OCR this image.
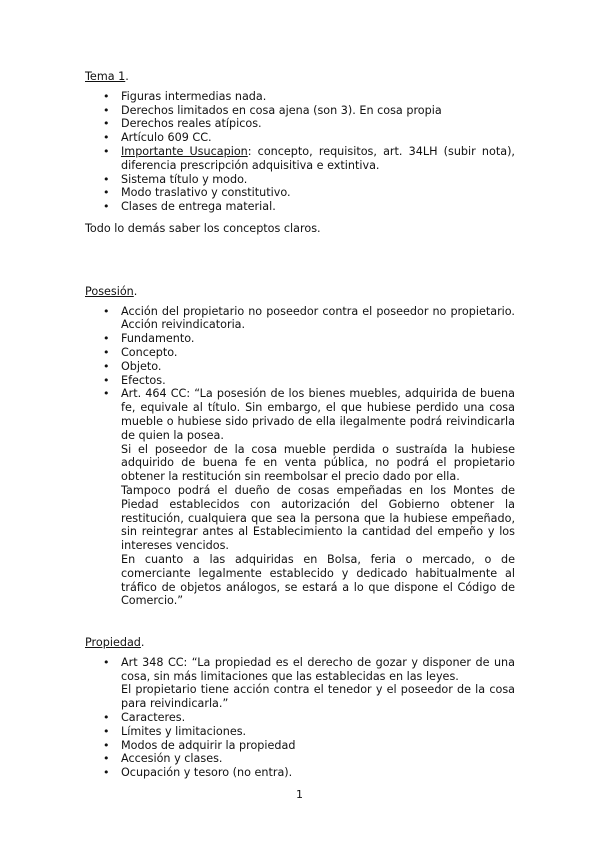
Tema 1.

• Figuras intermedias nada.
• Derechos limitados en cosa ajena (son 3). En cosa propia
• Derechos reales atípicos.
• Artículo 609 CC.
• Importante Usucapion: concepto, requisitos, art. 34LH (subir nota), diferencia prescripción adquisitiva e extintiva.
• Sistema título y modo.
• Modo traslativo y constitutivo.
• Clases de entrega material.

Todo lo demás saber los conceptos claros.

Posesión.

• Acción del propietario no poseedor contra el poseedor no propietario. Acción reivindicatoria.
• Fundamento.
• Concepto.
• Objeto.
• Efectos.

• Art. 464 CC: “La posesión de los bienes muebles, adquirida de buena fe, equivale al título. Sin embargo, el que hubiese perdido una cosa mueble o hubiese sido privado de ella ilegalmente podrá reivindicarla de quien la posea.

Si el poseedor de la cosa mueble perdida o sustraída la hubiese adquirido de buena fe en venta pública, no podrá el propietario obtener la restitución sin reembolsar el precio dado por ella.

Tampoco podrá el dueño de cosas empeñadas en los Montes de Piedad establecidos con autorización del Gobierno obtener la restitución, cualquiera que sea la persona que la hubiese empeñado, sin reintegrar antes al Establecimiento la cantidad del empeño y los intereses vencidos.

En cuanto a las adquiridas en Bolsa, feria o mercado, o de comerciante legalmente establecido y dedicado habitualmente al tráfico de objetos análogos, se estará a lo que dispone el Código de Comercio.”

Propiedad.

• Art 348 CC: “La propiedad es el derecho de gozar y disponer de una cosa, sin más limitaciones que las establecidas en las leyes.

El propietario tiene acción contra el tenedor y el poseedor de la cosa para reivindicarla.”

• Caracteres.
• Límites y limitaciones.
• Modos de adquirir la propiedad
• Accesión y clases.
• Ocupación y tesoro (no entra).
1
